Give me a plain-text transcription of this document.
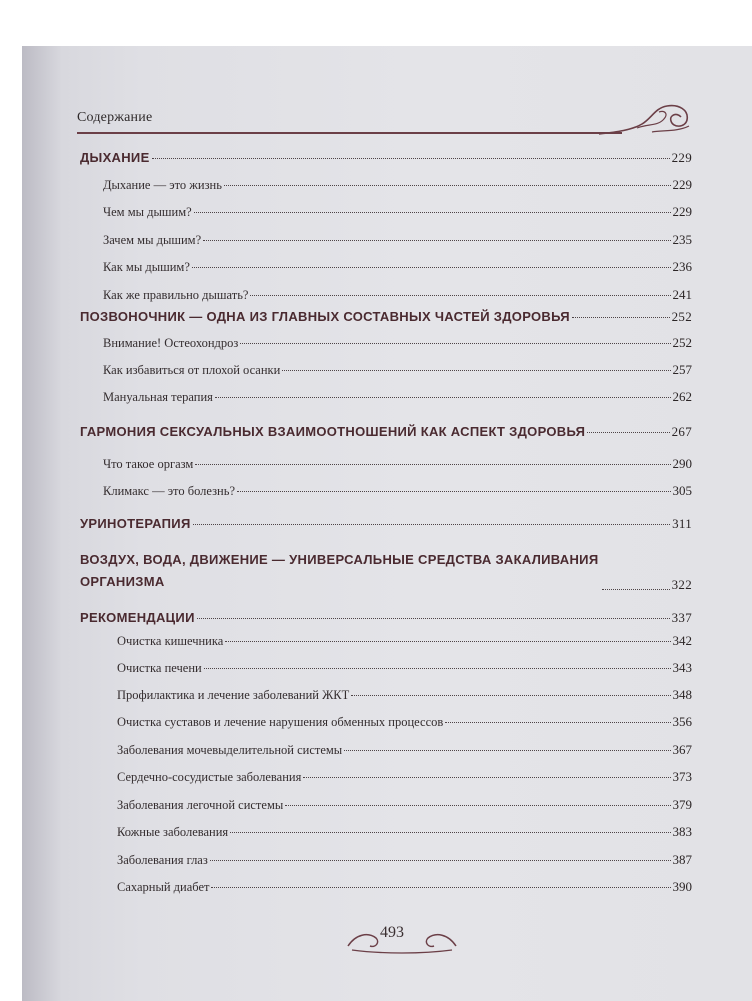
Содержание
ДЫХАНИЕ	229
Дыхание — это жизнь	229
Чем мы дышим?	229
Зачем мы дышим?	235
Как мы дышим?	236
Как же правильно дышать?	241
ПОЗВОНОЧНИК — ОДНА ИЗ ГЛАВНЫХ СОСТАВНЫХ ЧАСТЕЙ ЗДОРОВЬЯ	252
Внимание! Остеохондроз	252
Как избавиться от плохой осанки	257
Мануальная терапия	262
ГАРМОНИЯ СЕКСУАЛЬНЫХ ВЗАИМООТНОШЕНИЙ КАК АСПЕКТ ЗДОРОВЬЯ	267
Что такое оргазм	290
Климакс — это болезнь?	305
УРИНОТЕРАПИЯ	311
ВОЗДУХ, ВОДА, ДВИЖЕНИЕ — УНИВЕРСАЛЬНЫЕ СРЕДСТВА ЗАКАЛИВАНИЯ ОРГАНИЗМА	322
РЕКОМЕНДАЦИИ	337
Очистка кишечника	342
Очистка печени	343
Профилактика и лечение заболеваний ЖКТ	348
Очистка суставов и лечение нарушения обменных процессов	356
Заболевания мочевыделительной системы	367
Сердечно-сосудистые заболевания	373
Заболевания легочной системы	379
Кожные заболевания	383
Заболевания глаз	387
Сахарный диабет	390
493
